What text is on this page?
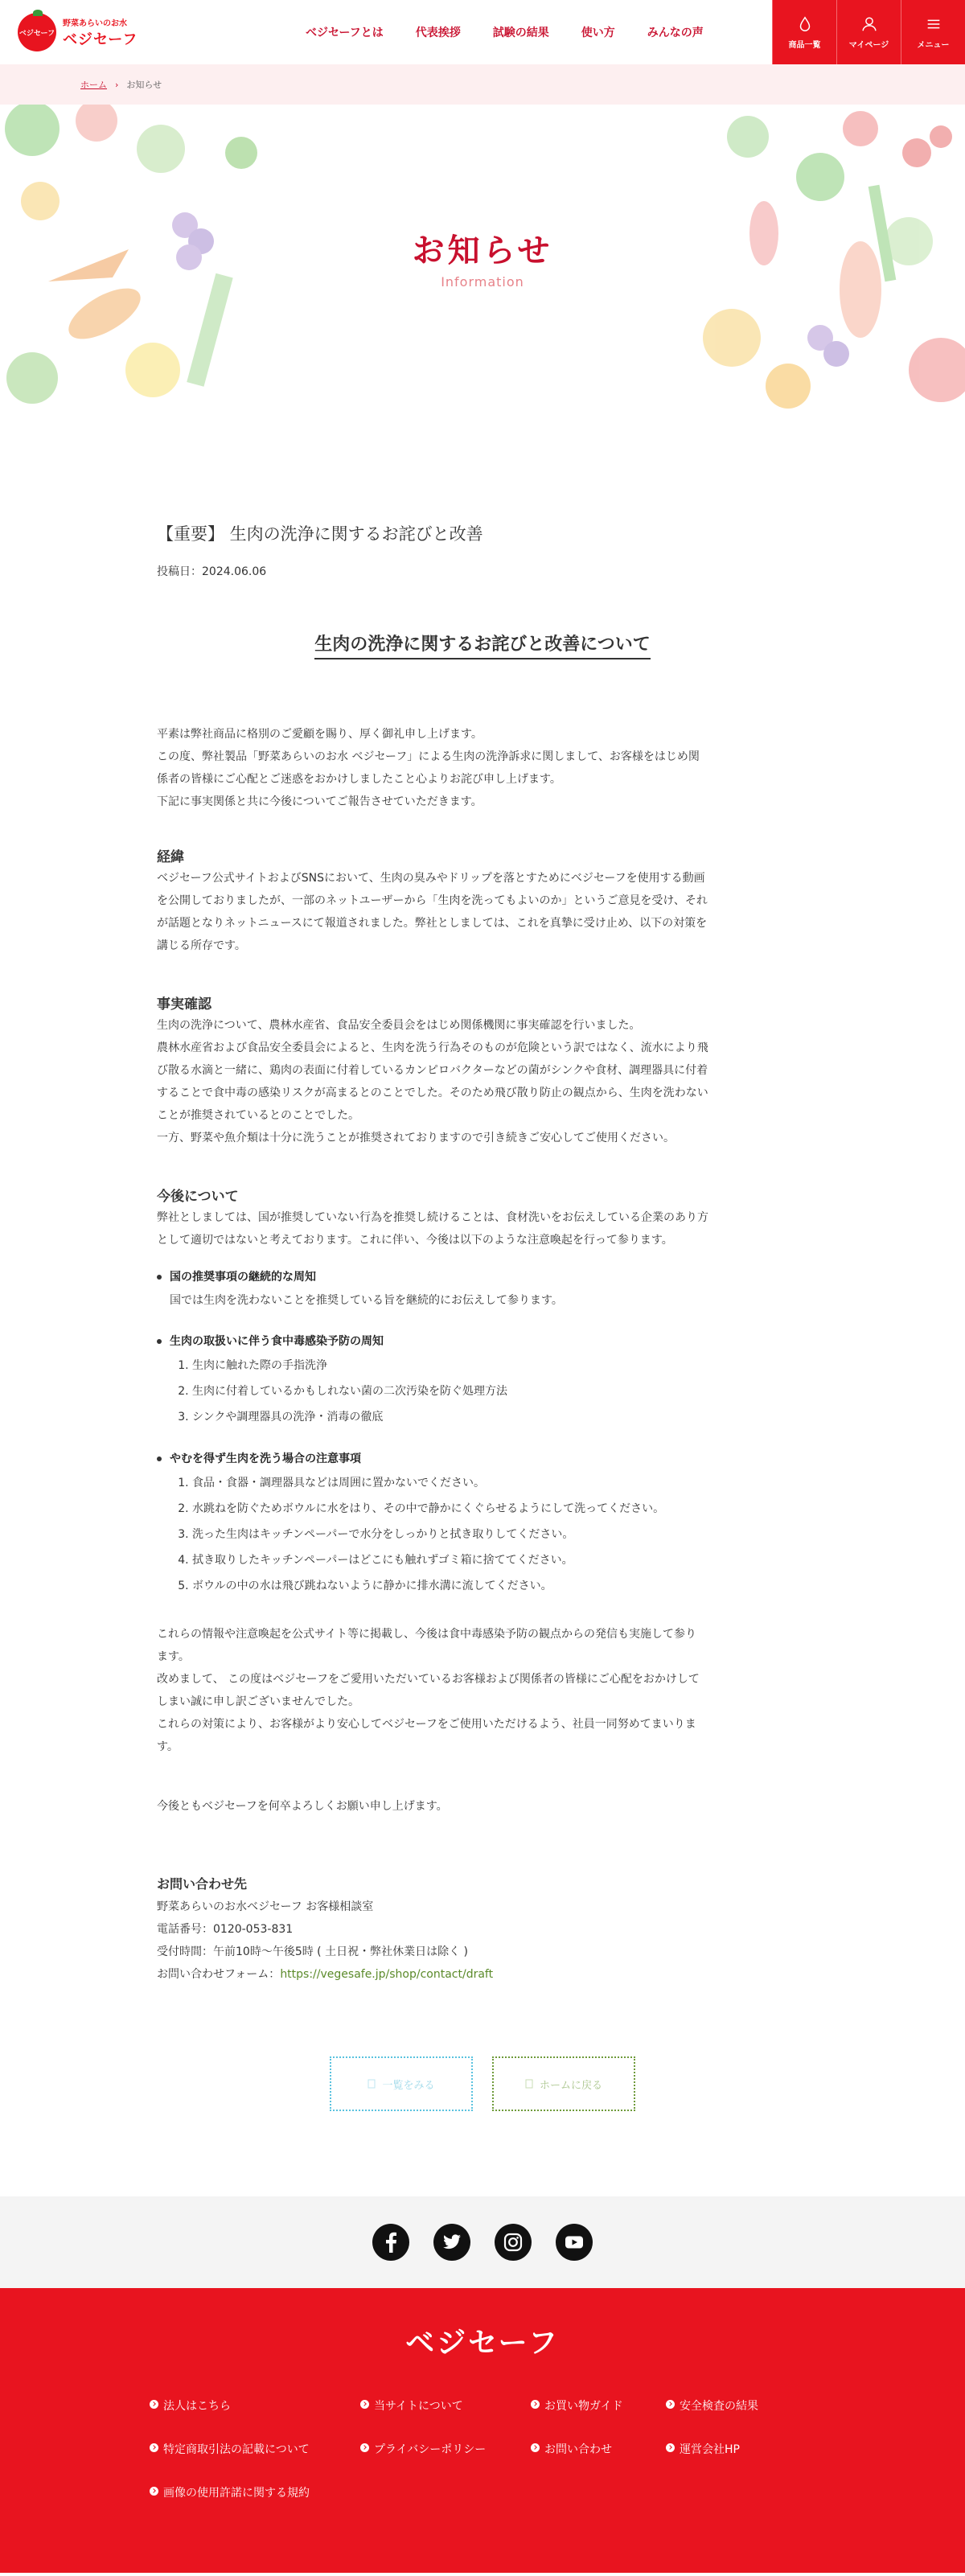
ベジセーフ
野菜あらいのお水
ベジセーフ	ベジセーフとは	代表挨拶	試験の結果	使い方	みんなの声
商品一覧	マイページ	メニュー
ホーム › お知らせ
お知らせ

Information

【重要】 生肉の洗浄に関するお詫びと改善

投稿日：2024.06.06

生肉の洗浄に関するお詫びと改善について
平素は弊社商品に格別のご愛顧を賜り、厚く御礼申し上げます。
この度、弊社製品「野菜あらいのお水 ベジセーフ」による生肉の洗浄訴求に関しまして、お客様をはじめ関
係者の皆様にご心配とご迷惑をおかけしましたこと心よりお詫び申し上げます。
下記に事実関係と共に今後についてご報告させていただきます。
経緯
ベジセーフ公式サイトおよびSNSにおいて、生肉の臭みやドリップを落とすためにベジセーフを使用する動画
を公開しておりましたが、一部のネットユーザーから「生肉を洗ってもよいのか」というご意見を受け、それ
が話題となりネットニュースにて報道されました。弊社としましては、これを真摯に受け止め、以下の対策を
講じる所存です。
事実確認
生肉の洗浄について、農林水産省、食品安全委員会をはじめ関係機関に事実確認を行いました。
農林水産省および食品安全委員会によると、生肉を洗う行為そのものが危険という訳ではなく、流水により飛
び散る水滴と一緒に、鶏肉の表面に付着しているカンピロバクターなどの菌がシンクや食材、調理器具に付着
することで食中毒の感染リスクが高まるとのことでした。そのため飛び散り防止の観点から、生肉を洗わない
ことが推奨されているとのことでした。
一方、野菜や魚介類は十分に洗うことが推奨されておりますので引き続きご安心してご使用ください。
今後について
弊社としましては、国が推奨していない行為を推奨し続けることは、食材洗いをお伝えしている企業のあり方
として適切ではないと考えております。これに伴い、今後は以下のような注意喚起を行って参ります。
国の推奨事項の継続的な周知
国では生肉を洗わないことを推奨している旨を継続的にお伝えして参ります。
生肉の取扱いに伴う食中毒感染予防の周知
1. 生肉に触れた際の手指洗浄
2. 生肉に付着しているかもしれない菌の二次汚染を防ぐ処理方法
3. シンクや調理器具の洗浄・消毒の徹底
やむを得ず生肉を洗う場合の注意事項
1. 食品・食器・調理器具などは周囲に置かないでください。
2. 水跳ねを防ぐためボウルに水をはり、その中で静かにくぐらせるようにして洗ってください。
3. 洗った生肉はキッチンペーパーで水分をしっかりと拭き取りしてください。
4. 拭き取りしたキッチンペーパーはどこにも触れずゴミ箱に捨ててください。
5. ボウルの中の水は飛び跳ねないように静かに排水溝に流してください。
これらの情報や注意喚起を公式サイト等に掲載し、今後は食中毒感染予防の観点からの発信も実施して参り
ます。
改めまして、 この度はベジセーフをご愛用いただいているお客様および関係者の皆様にご心配をおかけして
しまい誠に申し訳ございませんでした。
これらの対策により、お客様がより安心してベジセーフをご使用いただけるよう、社員一同努めてまいりま
す。

今後ともベジセーフを何卒よろしくお願い申し上げます。

お問い合わせ先
野菜あらいのお水ベジセーフ お客様相談室
電話番号：0120-053-831
受付時間：午前10時〜午後5時 ( 土日祝・弊社休業日は除く )
お問い合わせフォーム：https://vegesafe.jp/shop/contact/draft
一覧をみる	ホームに戻る
ベジセーフ
法人はこちら	当サイトについて	お買い物ガイド	安全検査の結果
特定商取引法の記載について	プライバシーポリシー	お問い合わせ	運営会社HP
画像の使用許諾に関する規約
